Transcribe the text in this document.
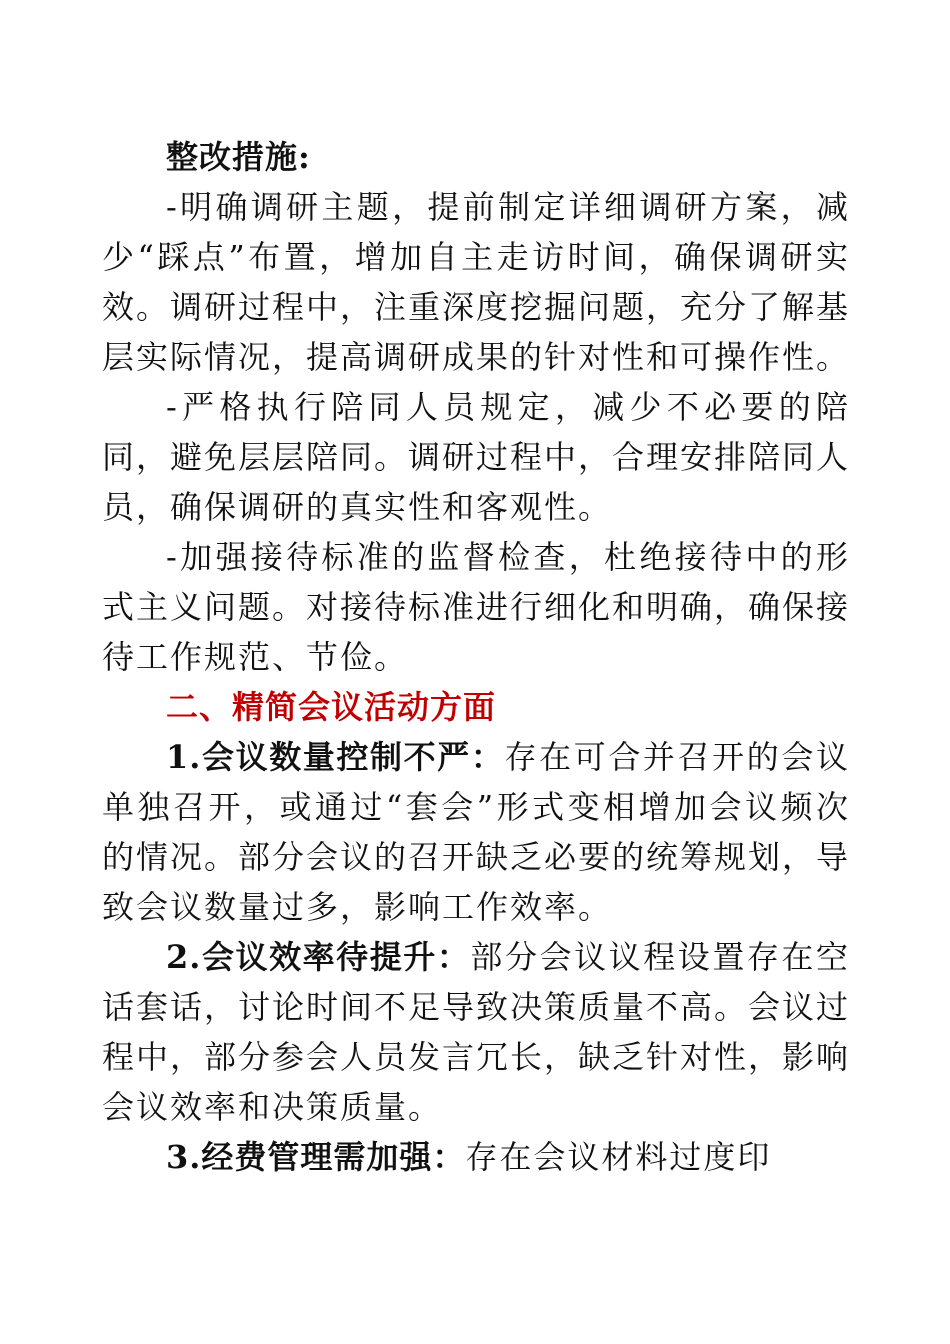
整改措施:

-明确调研主题，提前制定详细调研方案，减少“踩点”布置，增加自主走访时间，确保调研实效。调研过程中，注重深度挖掘问题，充分了解基层实际情况，提高调研成果的针对性和可操作性。

-严格执行陪同人员规定，减少不必要的陪同，避免层层陪同。调研过程中，合理安排陪同人员，确保调研的真实性和客观性。

-加强接待标准的监督检查，杜绝接待中的形式主义问题。对接待标准进行细化和明确，确保接待工作规范、节俭。

二、精简会议活动方面

1.会议数量控制不严：存在可合并召开的会议单独召开，或通过“套会”形式变相增加会议频次的情况。部分会议的召开缺乏必要的统筹规划，导致会议数量过多，影响工作效率。

2.会议效率待提升：部分会议议程设置存在空话套话，讨论时间不足导致决策质量不高。会议过程中，部分参会人员发言冗长，缺乏针对性，影响会议效率和决策质量。

3.经费管理需加强：存在会议材料过度印
